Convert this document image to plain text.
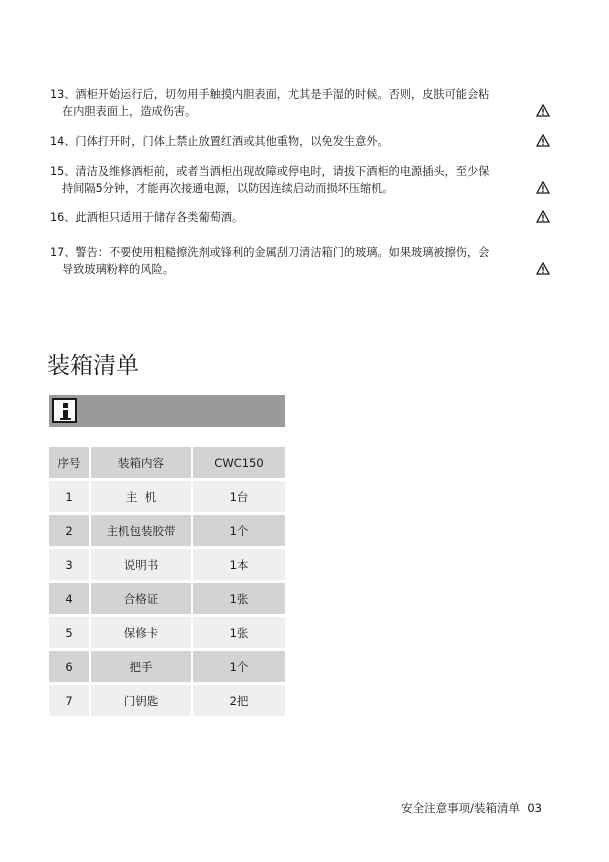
13、酒柜开始运行后，切勿用手触摸内胆表面，尤其是手湿的时候。否则，皮肤可能会粘

在内胆表面上，造成伤害。

14、门体打开时，门体上禁止放置红酒或其他重物，以免发生意外。

15、清洁及维修酒柜前，或者当酒柜出现故障或停电时，请拔下酒柜的电源插头，至少保

持间隔5分钟，才能再次接通电源，以防因连续启动而损坏压缩机。

16、此酒柜只适用于储存各类葡萄酒。

17、警告：不要使用粗糙擦洗剂或锋利的金属刮刀清洁箱门的玻璃。如果玻璃被擦伤，会

导致玻璃粉粹的风险。

装箱清单
序号	装箱内容	CWC150
1	主  机	1台
2	主机包装胶带	1个
3	说明书	1本
4	合格证	1张
5	保修卡	1张
6	把手	1个
7	门钥匙	2把
安全注意事项/装箱清单  03
